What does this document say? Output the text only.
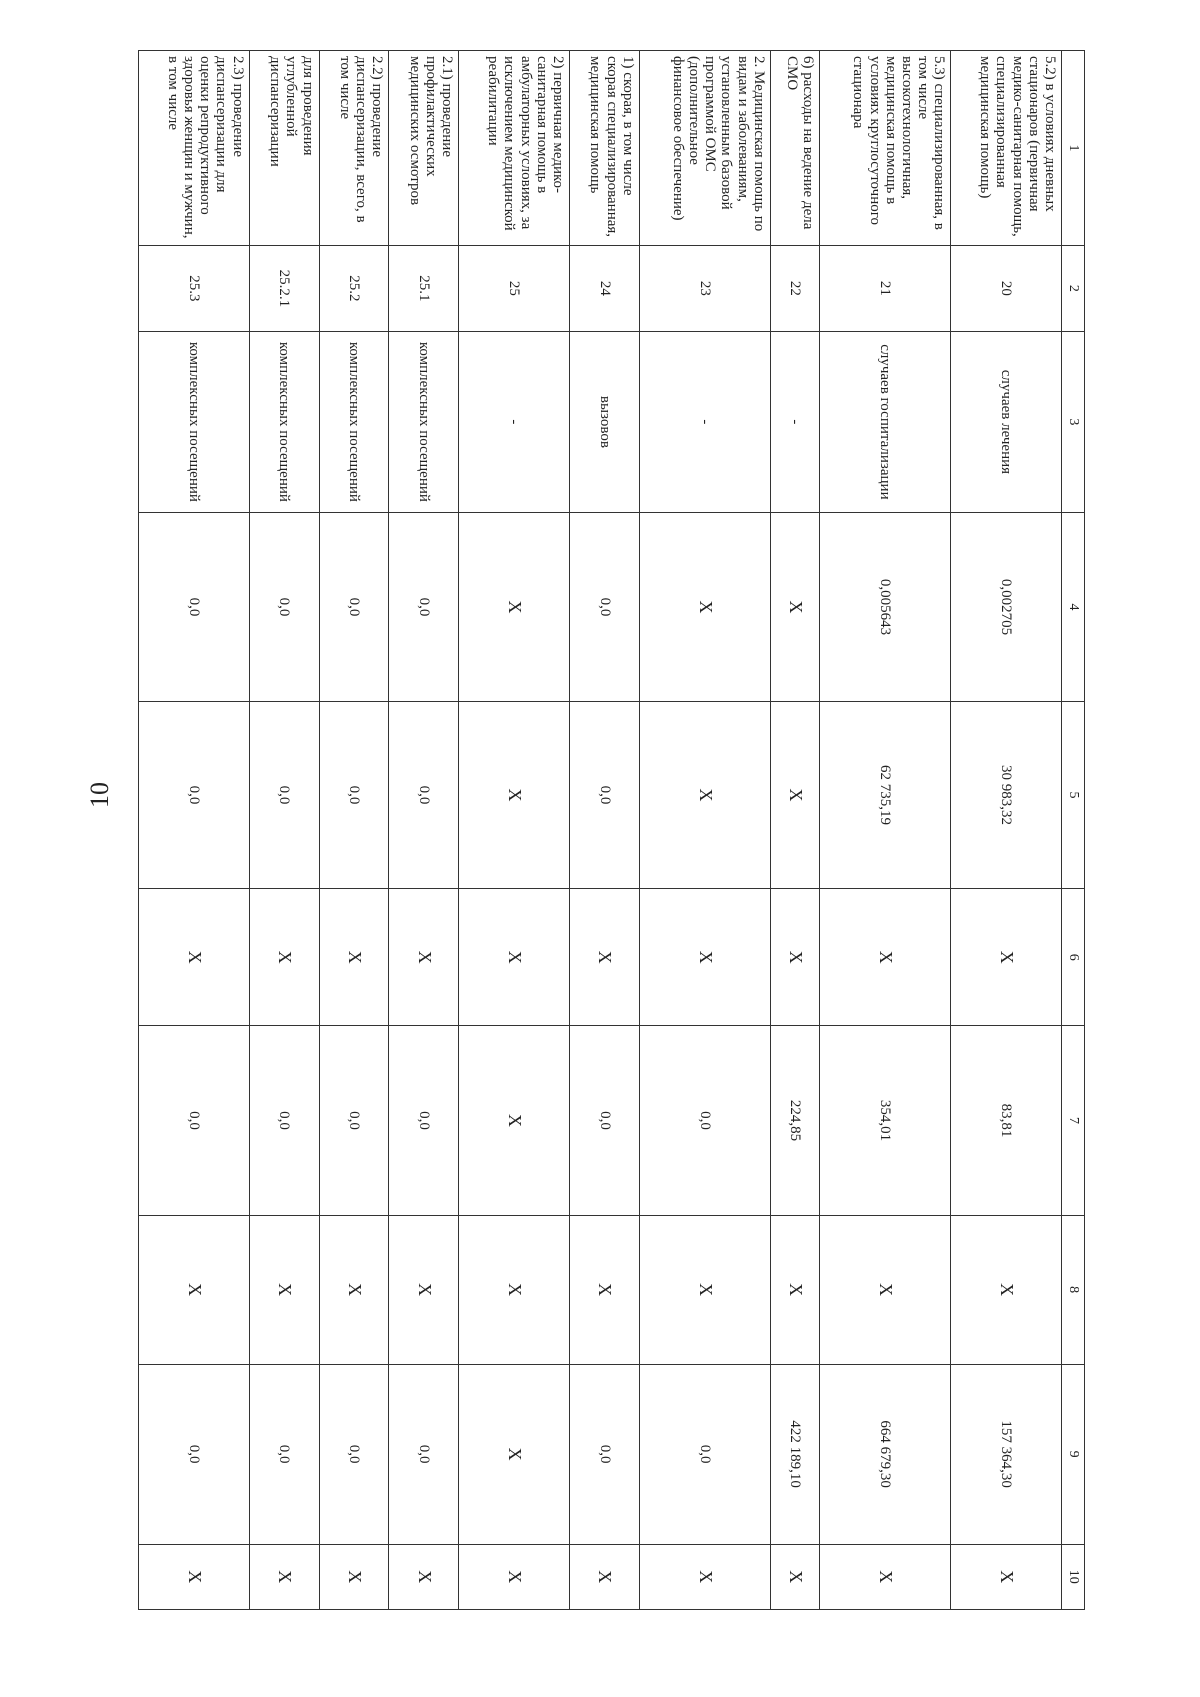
10
1	2	3	4	5	6	7	8	9	10
5.2) в условиях дневных стационаров (первичная медико-санитарная помощь, специализированная медицинская помощь)	20	случаев лечения	0,002705	30 983,32	X	83,81	X	157 364,30	X
5.3) специализированная, в том числе высокотехнологичная, медицинская помощь в условиях круглосуточного стационара	21	случаев госпитализации	0,005643	62 735,19	X	354,01	X	664 679,30	X
6) расходы на ведение дела СМО	22	-	X	X	X	224,85	X	422 189,10	X
2. Медицинская помощь по видам и заболеваниям, установленным базовой программой ОМС (дополнительное финансовое обеспечение)	23	-	X	X	X	0,0	X	0,0	X
1) скорая, в том числе скорая специализированная, медицинская помощь	24	вызовов	0,0	0,0	X	0,0	X	0,0	X
2) первичная медико-санитарная помощь в амбулаторных условиях, за исключением медицинской реабилитации	25	-	X	X	X	X	X	X	X
2.1) проведение профилактических медицинских осмотров	25.1	комплексных посещений	0,0	0,0	X	0,0	X	0,0	X
2.2) проведение диспансеризации, всего, в том числе	25.2	комплексных посещений	0,0	0,0	X	0,0	X	0,0	X
для проведения углубленной диспансеризации	25.2.1	комплексных посещений	0,0	0,0	X	0,0	X	0,0	X
2.3) проведение диспансеризации для оценки репродуктивного здоровья женщин и мужчин, в том числе	25.3	комплексных посещений	0,0	0,0	X	0,0	X	0,0	X
